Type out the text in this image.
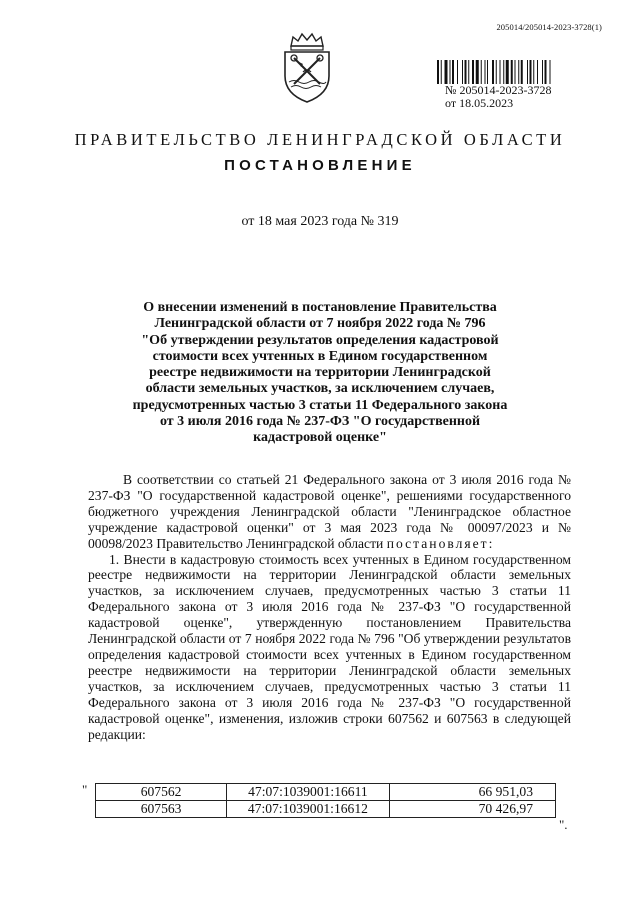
205014/205014-2023-3728(1)
№ 205014-2023-3728
от 18.05.2023
ПРАВИТЕЛЬСТВО ЛЕНИНГРАДСКОЙ ОБЛАСТИ
ПОСТАНОВЛЕНИЕ
от 18 мая 2023 года № 319
О внесении изменений в постановление Правительства
Ленинградской области от 7 ноября 2022 года № 796
"Об утверждении результатов определения кадастровой
стоимости всех учтенных в Едином государственном
реестре недвижимости на территории Ленинградской
области земельных участков, за исключением случаев,
предусмотренных частью 3 статьи 11 Федерального закона
от 3 июля 2016 года № 237-ФЗ "О государственной
кадастровой оценке"

В соответствии со статьей 21 Федерального закона от 3 июля 2016 года № 237-ФЗ "О государственной кадастровой оценке", решениями государственного бюджетного учреждения Ленинградской области "Ленинградское областное учреждение кадастровой оценки" от 3 мая 2023 года № 00097/2023 и № 00098/2023 Правительство Ленинградской области постановляет:

1. Внести в кадастровую стоимость всех учтенных в Едином государственном реестре недвижимости на территории Ленинградской области земельных участков, за исключением случаев, предусмотренных частью 3 статьи 11 Федерального закона от 3 июля 2016 года № 237-ФЗ "О государственной кадастровой оценке", утвержденную постановлением Правительства Ленинградской области от 7 ноября 2022 года № 796 "Об утверждении результатов определения кадастровой стоимости всех учтенных в Едином государственном реестре недвижимости на территории Ленинградской области земельных участков, за исключением случаев, предусмотренных частью 3 статьи 11 Федерального закона от 3 июля 2016 года № 237-ФЗ "О государственной кадастровой оценке", изменения, изложив строки 607562 и 607563 в следующей редакции:

"	607562	47:07:1039001:16611	66 951,03
607563	47:07:1039001:16612	70 426,97
".
